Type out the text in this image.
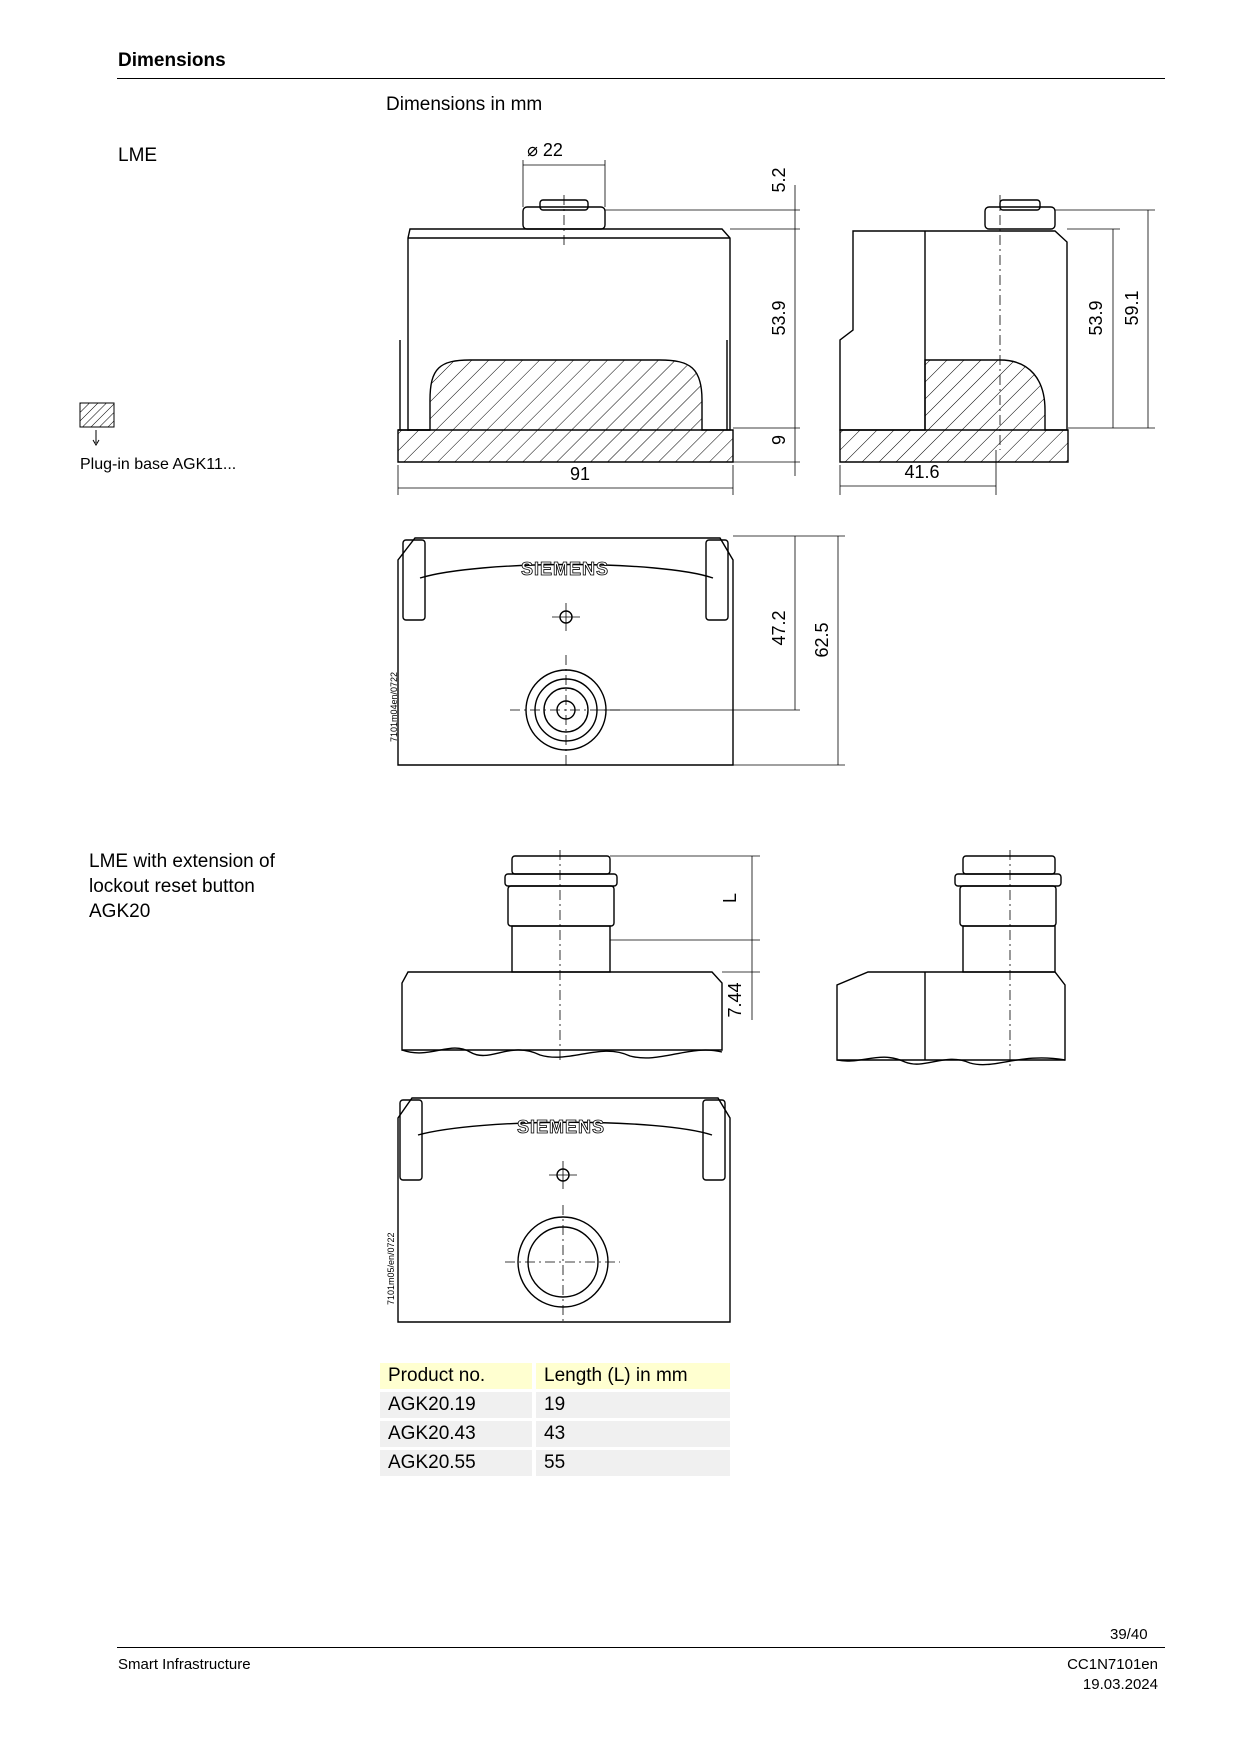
Dimensions
Dimensions in mm
LME	⌀ 22
5.2
53.9
9
91
53.9 59.1
41.6
47.2 62.5
L
7.44
SIEMENS
SIEMENS
7101m04en/0722
7101m05/en/0722
Plug-in base AGK11...
LME with extension of
lockout reset button
AGK20
Product no.	Length (L) in mm
AGK20.19	19
AGK20.43	43
AGK20.55	55
39/40
Smart Infrastructure	CC1N7101en
19.03.2024
